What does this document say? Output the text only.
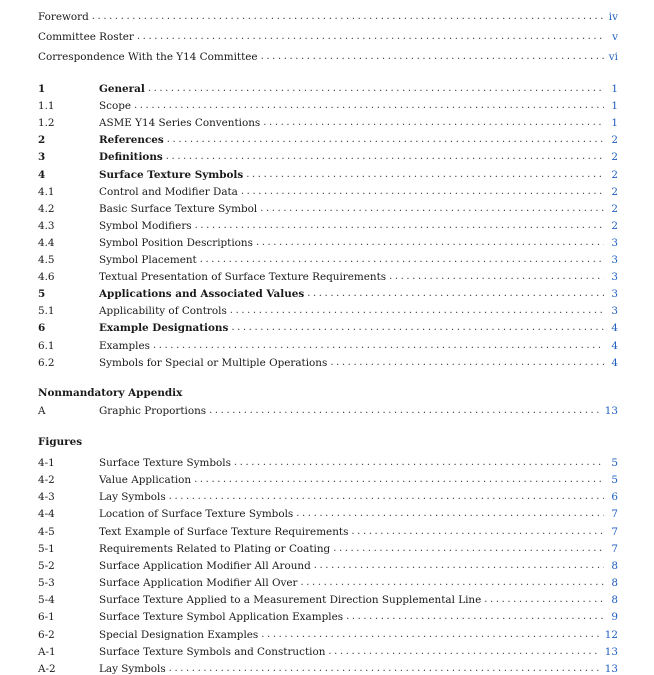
Foreword .....	iv
Committee Roster .....	v
Correspondence With the Y14 Committee .....	vi
1	General .....	1
1.1	Scope .....	1
1.2	ASME Y14 Series Conventions .....	1
2	References .....	2
3	Definitions .....	2
4	Surface Texture Symbols .....	2
4.1	Control and Modifier Data .....	2
4.2	Basic Surface Texture Symbol .....	2
4.3	Symbol Modifiers .....	2
4.4	Symbol Position Descriptions .....	3
4.5	Symbol Placement .....	3
4.6	Textual Presentation of Surface Texture Requirements .....	3
5	Applications and Associated Values .....	3
5.1	Applicability of Controls .....	3
6	Example Designations .....	4
6.1	Examples .....	4
6.2	Symbols for Special or Multiple Operations .....	4
Nonmandatory Appendix
A	Graphic Proportions .....	13
Figures
4-1	Surface Texture Symbols .....	5
4-2	Value Application .....	5
4-3	Lay Symbols .....	6
4-4	Location of Surface Texture Symbols .....	7
4-5	Text Example of Surface Texture Requirements .....	7
5-1	Requirements Related to Plating or Coating .....	7
5-2	Surface Application Modifier All Around .....	8
5-3	Surface Application Modifier All Over .....	8
5-4	Surface Texture Applied to a Measurement Direction Supplemental Line .....	8
6-1	Surface Texture Symbol Application Examples .....	9
6-2	Special Designation Examples .....	12
A-1	Surface Texture Symbols and Construction .....	13
A-2	Lay Symbols .....	13
